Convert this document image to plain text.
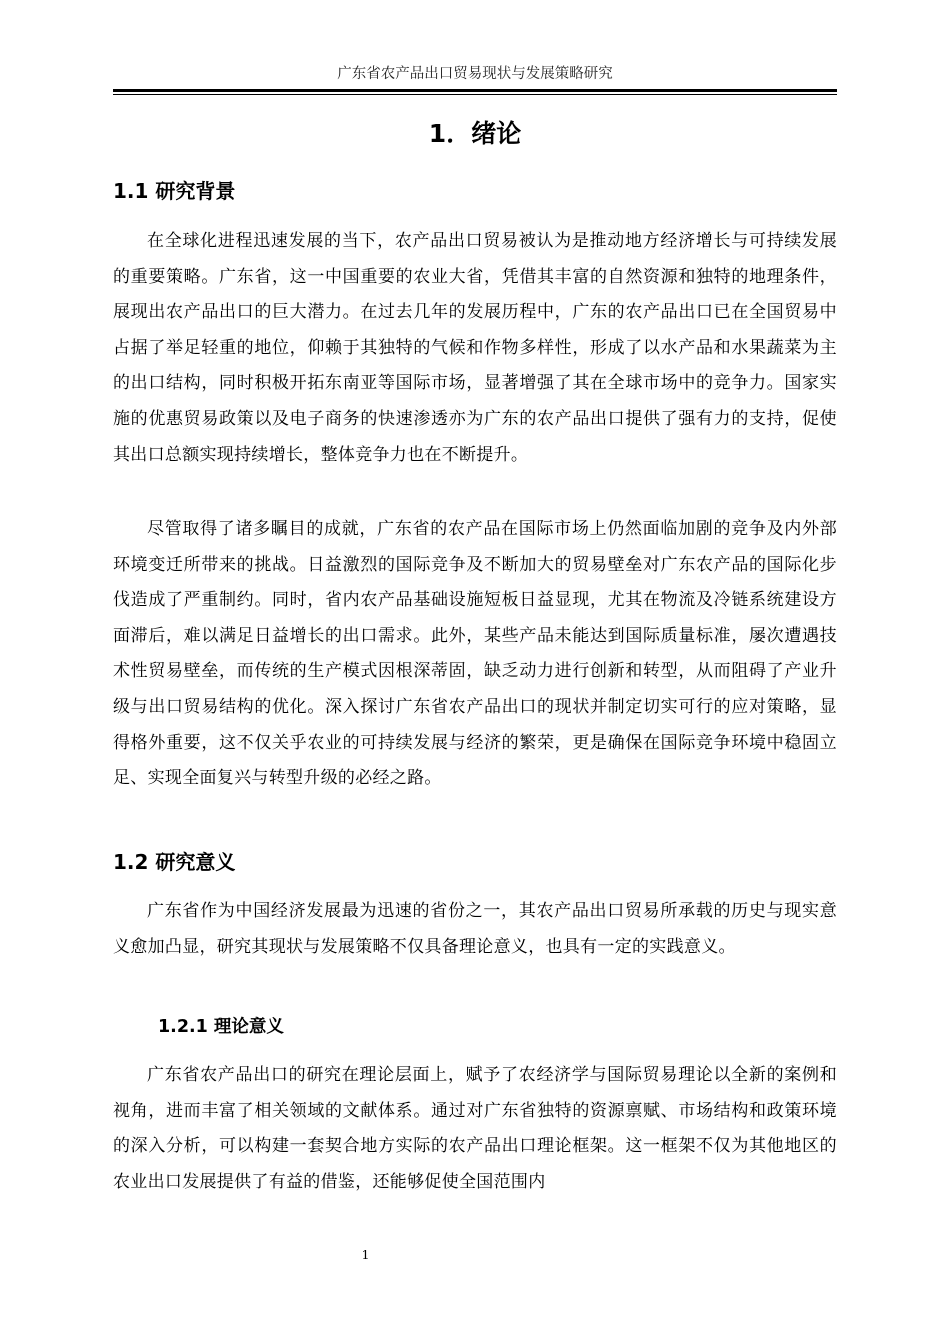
广东省农产品出口贸易现状与发展策略研究
1．绪论
1.1 研究背景

在全球化进程迅速发展的当下，农产品出口贸易被认为是推动地方经济增长与可持续发展的重要策略。广东省，这一中国重要的农业大省，凭借其丰富的自然资源和独特的地理条件，展现出农产品出口的巨大潜力。在过去几年的发展历程中，广东的农产品出口已在全国贸易中占据了举足轻重的地位，仰赖于其独特的气候和作物多样性，形成了以水产品和水果蔬菜为主的出口结构，同时积极开拓东南亚等国际市场，显著增强了其在全球市场中的竞争力。国家实施的优惠贸易政策以及电子商务的快速渗透亦为广东的农产品出口提供了强有力的支持，促使其出口总额实现持续增长，整体竞争力也在不断提升。

尽管取得了诸多瞩目的成就，广东省的农产品在国际市场上仍然面临加剧的竞争及内外部环境变迁所带来的挑战。日益激烈的国际竞争及不断加大的贸易壁垒对广东农产品的国际化步伐造成了严重制约。同时，省内农产品基础设施短板日益显现，尤其在物流及冷链系统建设方面滞后，难以满足日益增长的出口需求。此外，某些产品未能达到国际质量标准，屡次遭遇技术性贸易壁垒，而传统的生产模式因根深蒂固，缺乏动力进行创新和转型，从而阻碍了产业升级与出口贸易结构的优化。深入探讨广东省农产品出口的现状并制定切实可行的应对策略，显得格外重要，这不仅关乎农业的可持续发展与经济的繁荣，更是确保在国际竞争环境中稳固立足、实现全面复兴与转型升级的必经之路。

1.2 研究意义

广东省作为中国经济发展最为迅速的省份之一，其农产品出口贸易所承载的历史与现实意义愈加凸显，研究其现状与发展策略不仅具备理论意义，也具有一定的实践意义。

1.2.1 理论意义

广东省农产品出口的研究在理论层面上，赋予了农经济学与国际贸易理论以全新的案例和视角，进而丰富了相关领域的文献体系。通过对广东省独特的资源禀赋、市场结构和政策环境的深入分析，可以构建一套契合地方实际的农产品出口理论框架。这一框架不仅为其他地区的农业出口发展提供了有益的借鉴，还能够促使全国范围内

1
